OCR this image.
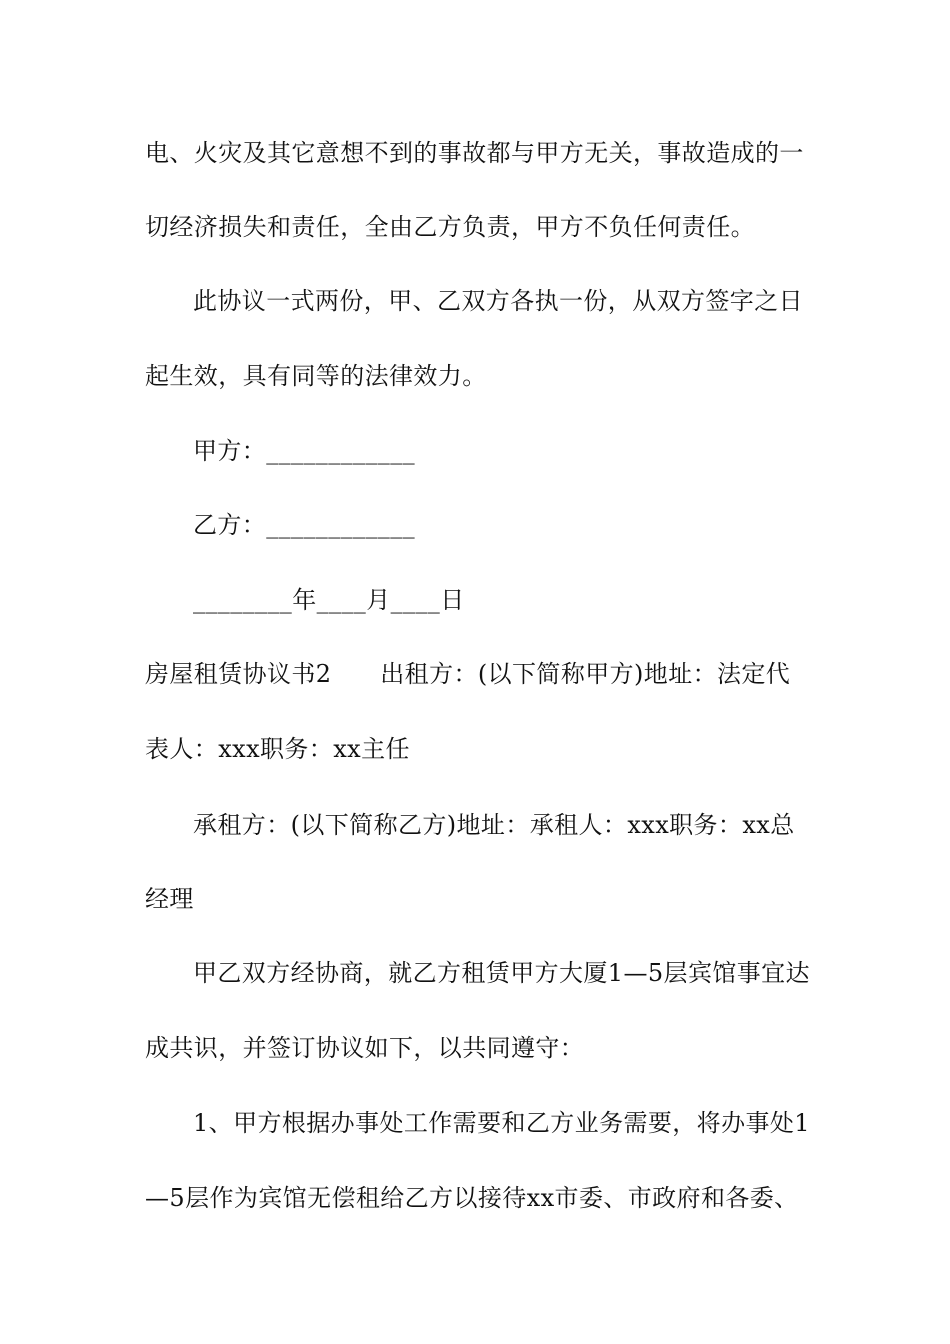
电、火灾及其它意想不到的事故都与甲方无关，事故造成的一
切经济损失和责任，全由乙方负责，甲方不负任何责任。
此协议一式两份，甲、乙双方各执一份，从双方签字之日
起生效，具有同等的法律效力。
甲方：____________
乙方：____________
________年____月____日
房屋租赁协议书2　　出租方：(以下简称甲方)地址：法定代
表人：xxx职务：xx主任
承租方：(以下简称乙方)地址：承租人：xxx职务：xx总
经理
甲乙双方经协商，就乙方租赁甲方大厦1—5层宾馆事宜达
成共识，并签订协议如下，以共同遵守：
1、甲方根据办事处工作需要和乙方业务需要，将办事处1
—5层作为宾馆无偿租给乙方以接待xx市委、市政府和各委、
